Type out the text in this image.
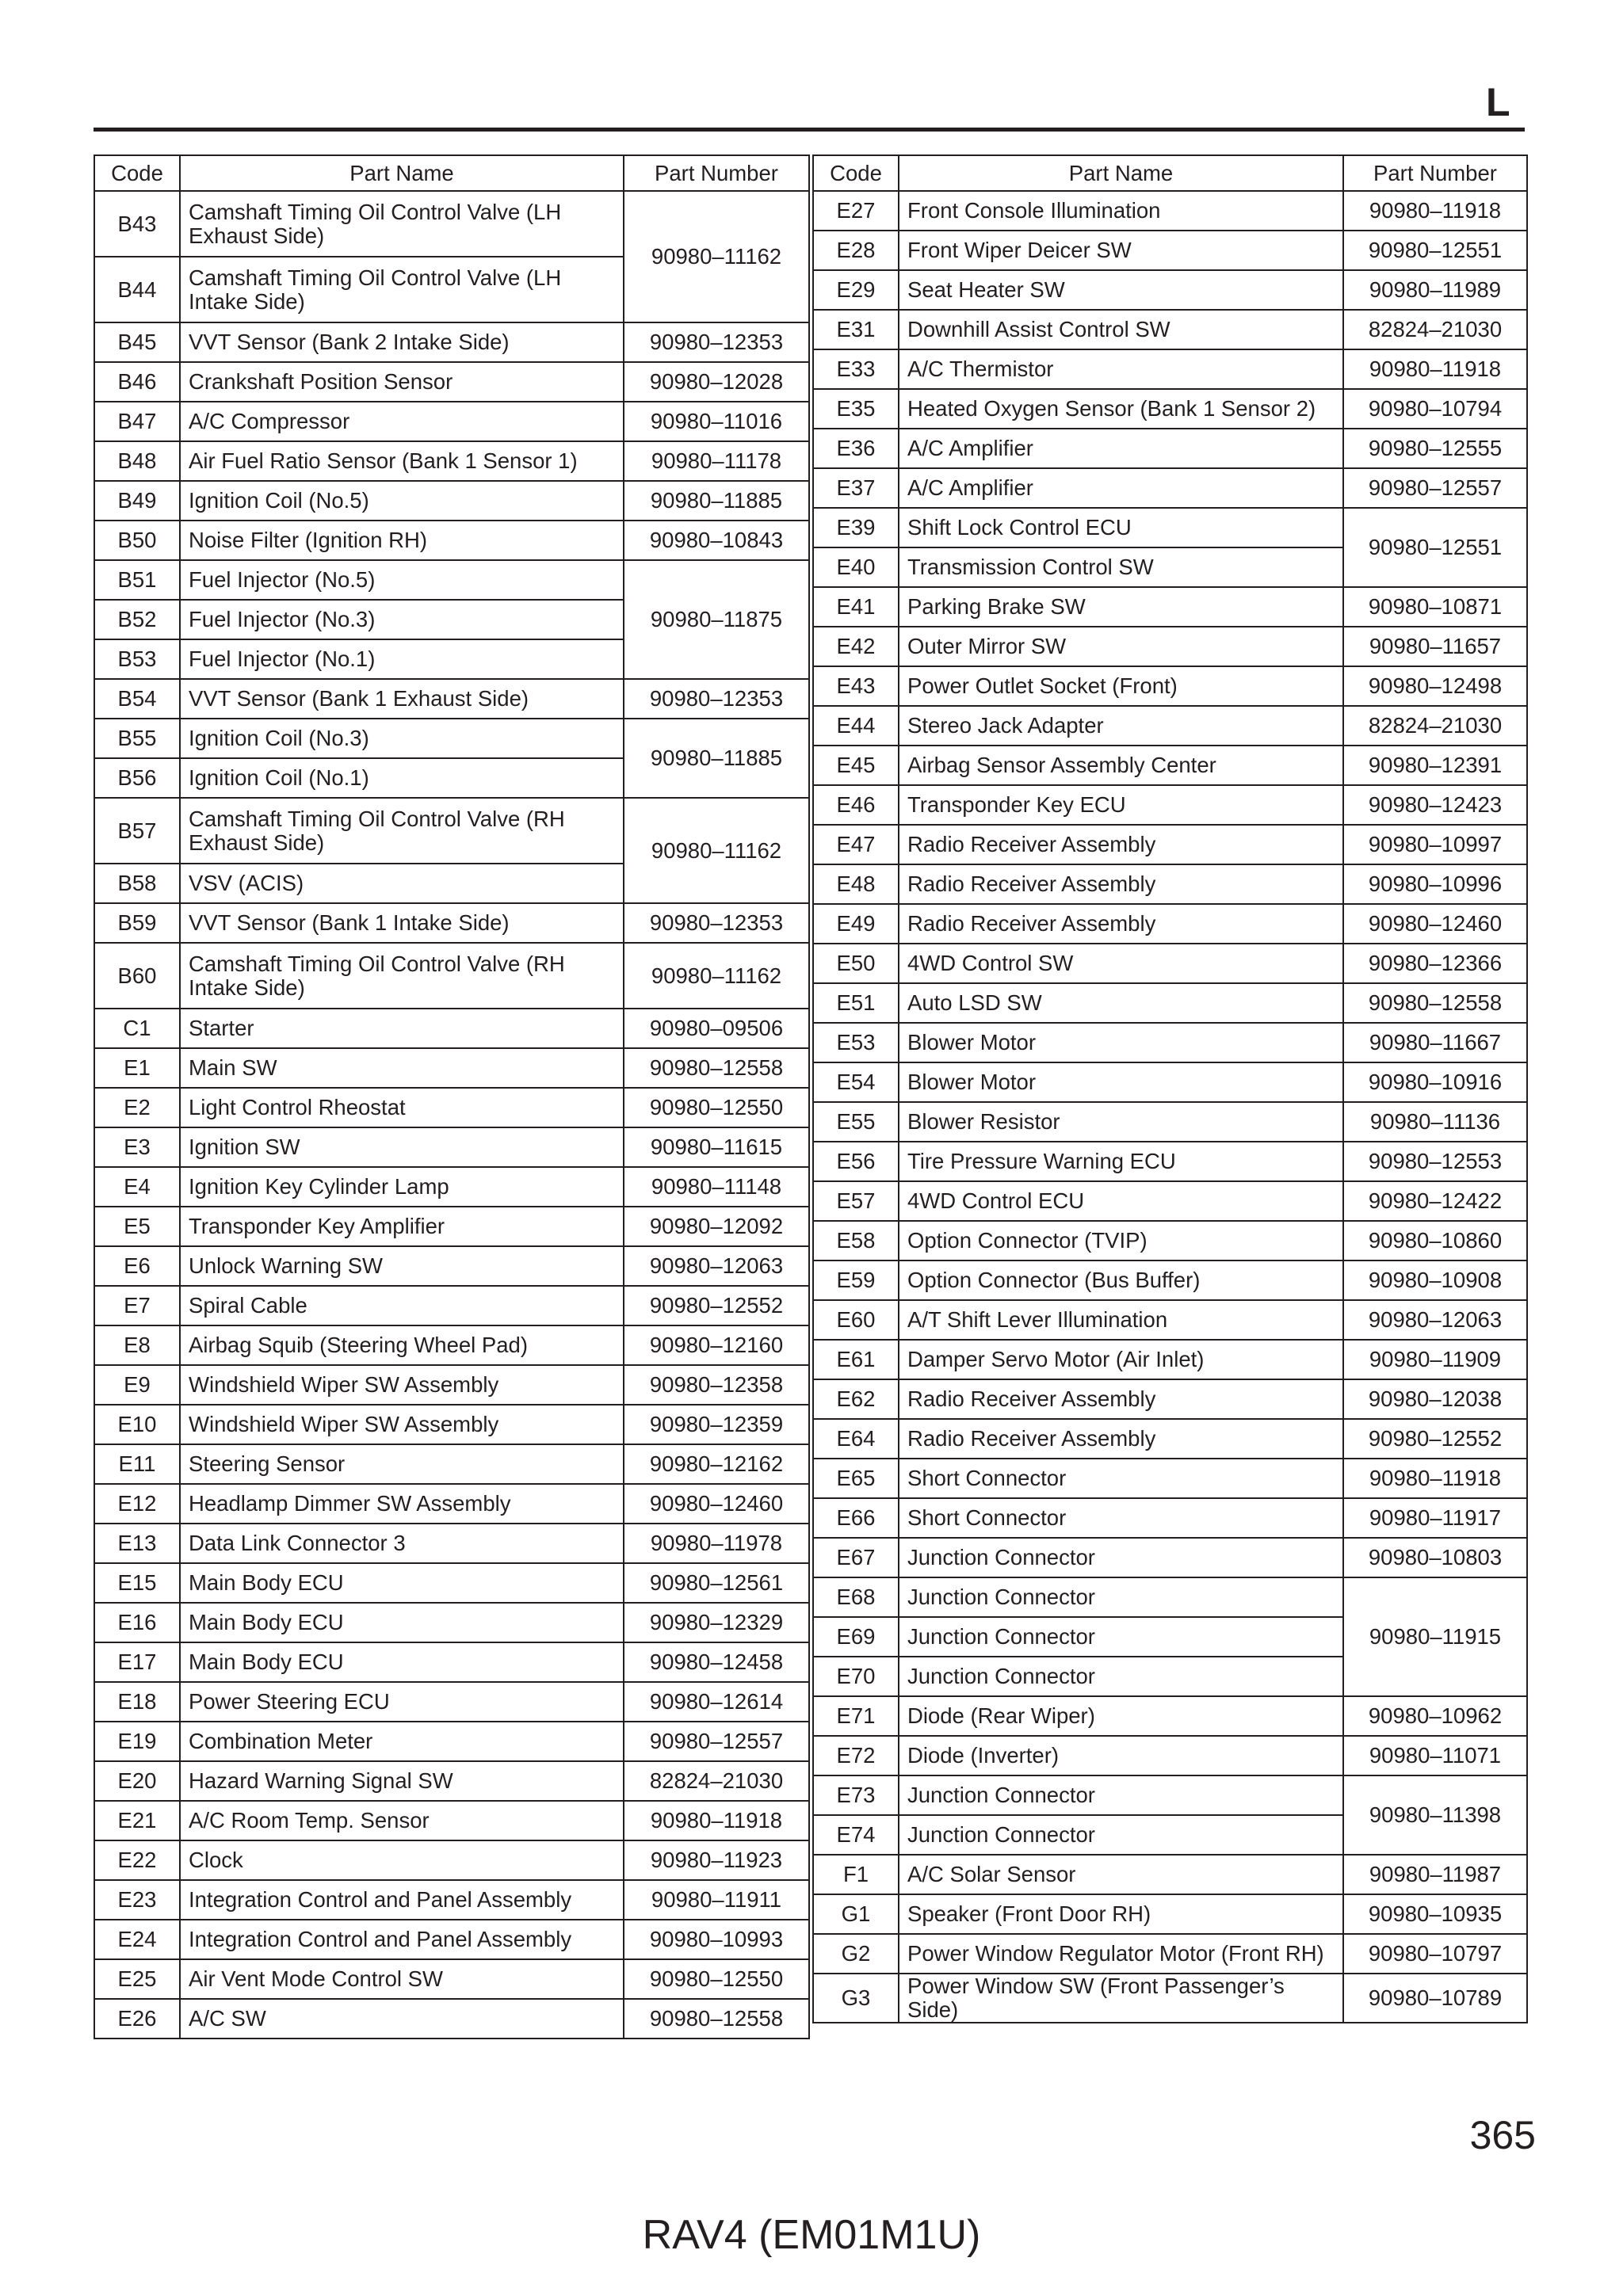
L
Code	Part Name	Part Number
B43	Camshaft Timing Oil Control Valve (LH Exhaust Side)	90980–11162
B44	Camshaft Timing Oil Control Valve (LH Intake Side)	
B45	VVT Sensor (Bank 2 Intake Side)	90980–12353
B46	Crankshaft Position Sensor	90980–12028
B47	A/C Compressor	90980–11016
B48	Air Fuel Ratio Sensor (Bank 1 Sensor 1)	90980–11178
B49	Ignition Coil (No.5)	90980–11885
B50	Noise Filter (Ignition RH)	90980–10843
B51	Fuel Injector (No.5)	90980–11875
B52	Fuel Injector (No.3)	
B53	Fuel Injector (No.1)	
B54	VVT Sensor (Bank 1 Exhaust Side)	90980–12353
B55	Ignition Coil (No.3)	90980–11885
B56	Ignition Coil (No.1)	
B57	Camshaft Timing Oil Control Valve (RH Exhaust Side)	90980–11162
B58	VSV (ACIS)	
B59	VVT Sensor (Bank 1 Intake Side)	90980–12353
B60	Camshaft Timing Oil Control Valve (RH Intake Side)	90980–11162
C1	Starter	90980–09506
E1	Main SW	90980–12558
E2	Light Control Rheostat	90980–12550
E3	Ignition SW	90980–11615
E4	Ignition Key Cylinder Lamp	90980–11148
E5	Transponder Key Amplifier	90980–12092
E6	Unlock Warning SW	90980–12063
E7	Spiral Cable	90980–12552
E8	Airbag Squib (Steering Wheel Pad)	90980–12160
E9	Windshield Wiper SW Assembly	90980–12358
E10	Windshield Wiper SW Assembly	90980–12359
E11	Steering Sensor	90980–12162
E12	Headlamp Dimmer SW Assembly	90980–12460
E13	Data Link Connector 3	90980–11978
E15	Main Body ECU	90980–12561
E16	Main Body ECU	90980–12329
E17	Main Body ECU	90980–12458
E18	Power Steering ECU	90980–12614
E19	Combination Meter	90980–12557
E20	Hazard Warning Signal SW	82824–21030
E21	A/C Room Temp. Sensor	90980–11918
E22	Clock	90980–11923
E23	Integration Control and Panel Assembly	90980–11911
E24	Integration Control and Panel Assembly	90980–10993
E25	Air Vent Mode Control SW	90980–12550
E26	A/C SW	90980–12558
Code	Part Name	Part Number
E27	Front Console Illumination	90980–11918
E28	Front Wiper Deicer SW	90980–12551
E29	Seat Heater SW	90980–11989
E31	Downhill Assist Control SW	82824–21030
E33	A/C Thermistor	90980–11918
E35	Heated Oxygen Sensor (Bank 1 Sensor 2)	90980–10794
E36	A/C Amplifier	90980–12555
E37	A/C Amplifier	90980–12557
E39	Shift Lock Control ECU	90980–12551
E40	Transmission Control SW	
E41	Parking Brake SW	90980–10871
E42	Outer Mirror SW	90980–11657
E43	Power Outlet Socket (Front)	90980–12498
E44	Stereo Jack Adapter	82824–21030
E45	Airbag Sensor Assembly Center	90980–12391
E46	Transponder Key ECU	90980–12423
E47	Radio Receiver Assembly	90980–10997
E48	Radio Receiver Assembly	90980–10996
E49	Radio Receiver Assembly	90980–12460
E50	4WD Control SW	90980–12366
E51	Auto LSD SW	90980–12558
E53	Blower Motor	90980–11667
E54	Blower Motor	90980–10916
E55	Blower Resistor	90980–11136
E56	Tire Pressure Warning ECU	90980–12553
E57	4WD Control ECU	90980–12422
E58	Option Connector (TVIP)	90980–10860
E59	Option Connector (Bus Buffer)	90980–10908
E60	A/T Shift Lever Illumination	90980–12063
E61	Damper Servo Motor (Air Inlet)	90980–11909
E62	Radio Receiver Assembly	90980–12038
E64	Radio Receiver Assembly	90980–12552
E65	Short Connector	90980–11918
E66	Short Connector	90980–11917
E67	Junction Connector	90980–10803
E68	Junction Connector	90980–11915
E69	Junction Connector	
E70	Junction Connector	
E71	Diode (Rear Wiper)	90980–10962
E72	Diode (Inverter)	90980–11071
E73	Junction Connector	90980–11398
E74	Junction Connector	
F1	A/C Solar Sensor	90980–11987
G1	Speaker (Front Door RH)	90980–10935
G2	Power Window Regulator Motor (Front RH)	90980–10797
G3	Power Window SW (Front Passenger’s Side)	90980–10789
365
RAV4 (EM01M1U)
